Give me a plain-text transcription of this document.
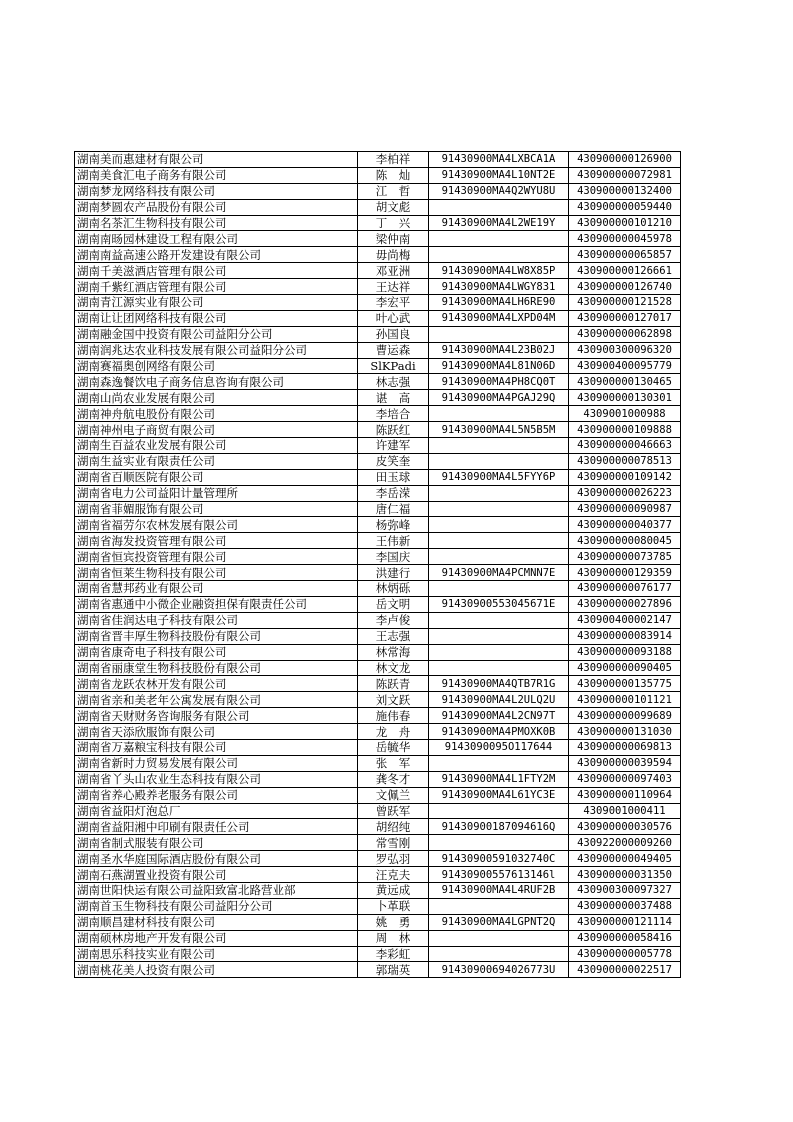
湖南美而惠建材有限公司	李柏祥	91430900MA4LXBCA1A	430900000126900
湖南美食汇电子商务有限公司	陈　灿	91430900MA4L10NT2E	430900000072981
湖南梦龙网络科技有限公司	江　哲	91430900MA4Q2WYU8U	430900000132400
湖南梦圆农产品股份有限公司	胡文彪		430900000059440
湖南名茶汇生物科技有限公司	丁　兴	91430900MA4L2WE19Y	430900000101210
湖南南旸园林建设工程有限公司	梁仲南		430900000045978
湖南南益高速公路开发建设有限公司	毋尚梅		430900000065857
湖南千美滋酒店管理有限公司	邓亚洲	91430900MA4LW8X85P	430900000126661
湖南千紫红酒店管理有限公司	王达祥	91430900MA4LWGY831	430900000126740
湖南青江源实业有限公司	李宏平	91430900MA4LH6RE90	430900000121528
湖南让让团网络科技有限公司	叶心武	91430900MA4LXPD04M	430900000127017
湖南融金国中投资有限公司益阳分公司	孙国良		430900000062898
湖南润兆达农业科技发展有限公司益阳分公司	曹运森	91430900MA4L23B02J	430900300096320
湖南赛福奥创网络有限公司	SlKPadi	91430900MA4L81N06D	430900400095779
湖南森逸餐饮电子商务信息咨询有限公司	林志强	91430900MA4PH8CQ0T	430900000130465
湖南山尚农业发展有限公司	谌　高	91430900MA4PGAJ29Q	430900000130301
湖南神舟航电股份有限公司	李培合		4309001000988
湖南神州电子商贸有限公司	陈跃红	91430900MA4L5N5B5M	430900000109888
湖南生百益农业发展有限公司	许建军		430900000046663
湖南生益实业有限责任公司	皮笑奎		430900000078513
湖南省百顺医院有限公司	田玉球	91430900MA4L5FYY6P	430900000109142
湖南省电力公司益阳计量管理所	李岳溁		430900000026223
湖南省菲媚服饰有限公司	唐仁福		430900000090987
湖南省福劳尔农林发展有限公司	杨弥峰		430900000040377
湖南省海发投资管理有限公司	王伟新		430900000080045
湖南省恒宾投资管理有限公司	李国庆		430900000073785
湖南省恒莱生物科技有限公司	洪建行	91430900MA4PCMNN7E	430900000129359
湖南省慧邦药业有限公司	林炳砾		430900000076177
湖南省惠通中小微企业融资担保有限责任公司	岳文明	91430900553045671E	430900000027896
湖南省佳润达电子科技有限公司	李卢俊		430900400002147
湖南省晋丰厚生物科技股份有限公司	王志强		430900000083914
湖南省康奇电子科技有限公司	林常海		430900000093188
湖南省丽康堂生物科技股份有限公司	林文龙		430900000090405
湖南省龙跃农林开发有限公司	陈跃青	91430900MA4QTB7R1G	430900000135775
湖南省亲和美老年公寓发展有限公司	刘文跃	91430900MA4L2ULQ2U	430900000101121
湖南省天财财务咨询服务有限公司	施伟春	91430900MA4L2CN97T	430900000099689
湖南省天添欣服饰有限公司	龙　舟	91430900MA4PMOXK0B	430900000131030
湖南省万嘉粮宝科技有限公司	岳毓华	9143090095O117644	430900000069813
湖南省新时力贸易发展有限公司	张　军		430900000039594
湖南省丫头山农业生态科技有限公司	龚冬才	91430900MA4L1FTY2M	430900000097403
湖南省养心殿养老服务有限公司	文佩兰	91430900MA4L61YC3E	430900000110964
湖南省益阳灯泡总厂	曾跃军		4309001000411
湖南省益阳湘中印刷有限责任公司	胡绍纯	91430900187094616Q	430900000030576
湖南省制式服装有限公司	常雪刚		430922000009260
湖南圣水华庭国际酒店股份有限公司	罗弘羽	91430900591032740C	430900000049405
湖南石燕湖置业投资有限公司	汪克夫	91430900557613146l	430900000031350
湖南世阳快运有限公司益阳致富北路营业部	黄远成	91430900MA4L4RUF2B	430900300097327
湖南首玉生物科技有限公司益阳分公司	卜革联		430900000037488
湖南顺昌建材科技有限公司	姚　勇	91430900MA4LGPNT2Q	430900000121114
湖南硕林房地产开发有限公司	周　林		430900000058416
湖南思乐科技实业有限公司	李彩虹		430900000005778
湖南桃花美人投资有限公司	郭瑞英	91430900694026773U	430900000022517
